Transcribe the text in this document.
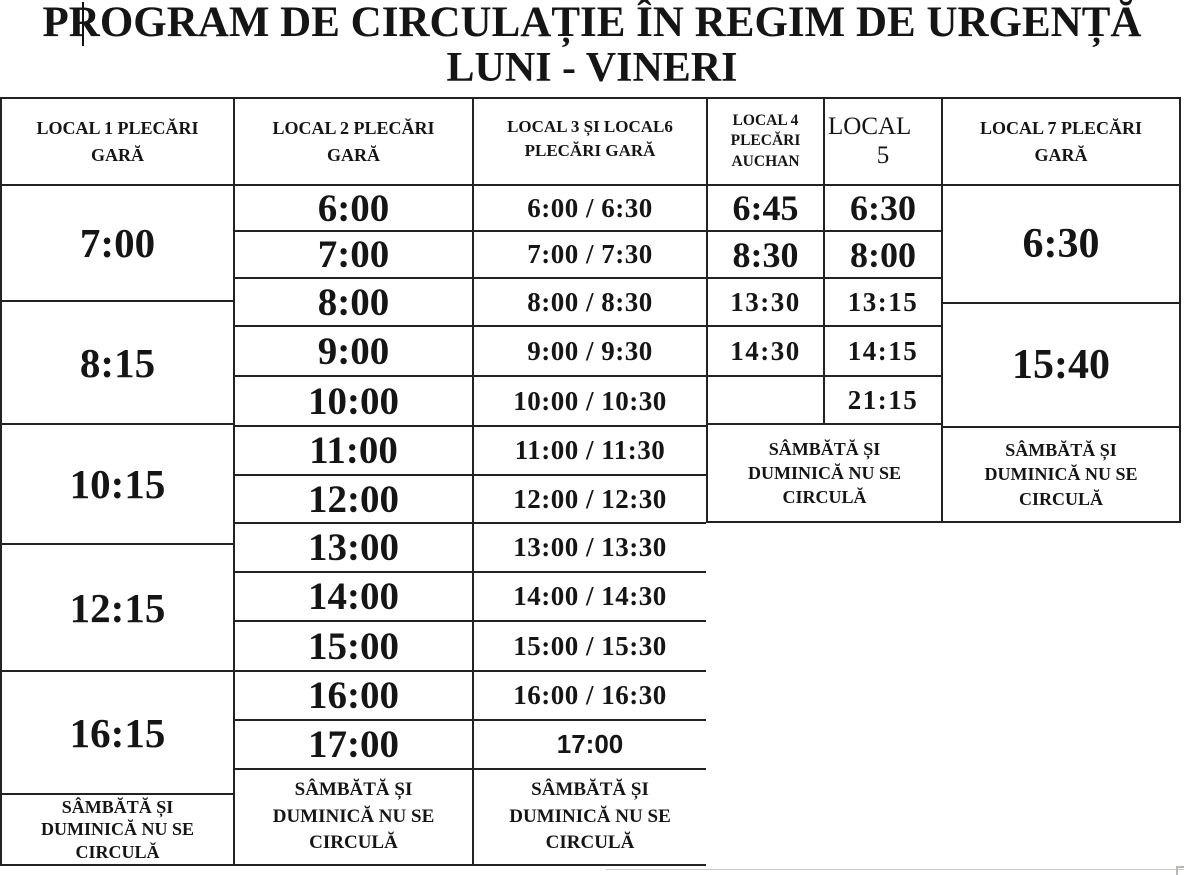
PROGRAM DE CIRCULAȚIE ÎN REGIM DE URGENȚĂ
LUNI - VINERI
LOCAL 1 PLECĂRI
GARĂ
7:00
8:15
10:15
12:15
16:15
SÂMBĂTĂ ȘI
DUMINICĂ NU SE
CIRCULĂ
LOCAL 2 PLECĂRI
GARĂ
6:00
7:00
8:00
9:00
10:00
11:00
12:00
13:00
14:00
15:00
16:00
17:00
SÂMBĂTĂ ȘI
DUMINICĂ NU SE
CIRCULĂ
LOCAL 3 ȘI LOCAL6
PLECĂRI GARĂ
6:00 / 6:30
7:00 / 7:30
8:00 / 8:30
9:00 / 9:30
10:00 / 10:30
11:00 / 11:30
12:00 / 12:30
13:00 / 13:30
14:00 / 14:30
15:00 / 15:30
16:00 / 16:30
17:00
SÂMBĂTĂ ȘI
DUMINICĂ NU SE
CIRCULĂ
LOCAL 4
PLECĂRI
AUCHAN
6:45
8:30
13:30
14:30
LOCAL
5
6:30
8:00
13:15
14:15
21:15
SÂMBĂTĂ ȘI
DUMINICĂ NU SE
CIRCULĂ
LOCAL 7 PLECĂRI
GARĂ
6:30
15:40
SÂMBĂTĂ ȘI
DUMINICĂ NU SE
CIRCULĂ
